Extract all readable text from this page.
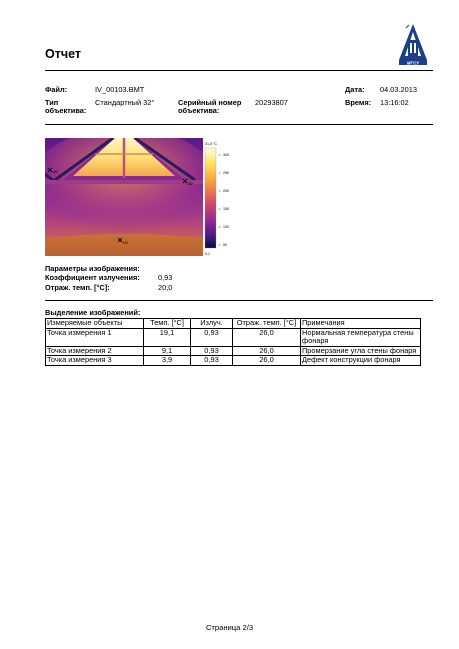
Отчет
МГСУ
Файл:	IV_00103.BMT	Дата: 04.03.2013
Тип
объектива:
Стандартный 32°	Серийный номер
объектива:
20293807	Время: 13:16:02
M1
M2
M3
31,0 °C
300
250
200
150
100
50
0,1
Параметры изображения:
Коэффициент излучения: 0,93
Отраж. темп. [°C]:	20,0
Выделение изображений:
Измеряемые объекты	Темп. [°C]	Излуч.	Отраж. темп. [°C]	Примечания
Точка измерения 1	19,1	0,93	26,0	Нормальная температура стены фонаря
Точка измерения 2	9,1	0,93	26,0	Промерзание угла стены фонаря
Точка измерения 3	3,9	0,93	26,0	Дефект конструкции фонаря
Страница 2/3
